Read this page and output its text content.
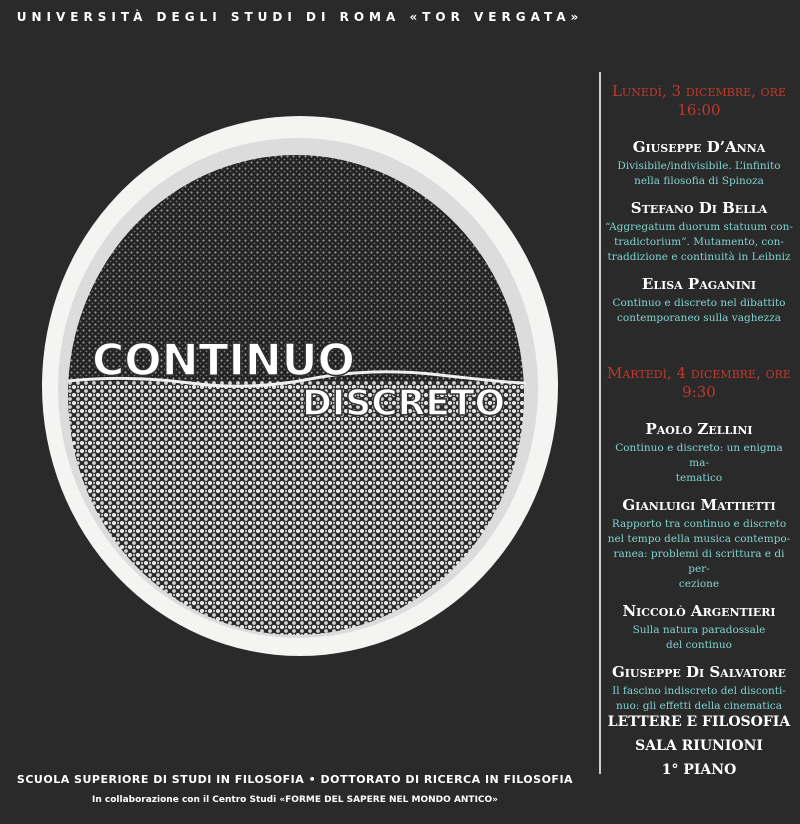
UNIVERSITÀ DEGLI STUDI DI ROMA «TOR VERGATA»
CONTINUO
DISCRETO

Lunedì, 3 dicembre, ore 16:00

Giuseppe D’Anna
Divisibile/indivisibile. L’infinito
nella filosofia di Spinoza
Stefano Di Bella
“Aggregatum duorum statuum con-
tradictorium”. Mutamento, con-
traddizione e continuità in Leibniz
Elisa Paganini
Continuo e discreto nel dibattito
contemporaneo sulla vaghezza

Martedì, 4 dicembre, ore 9:30

Paolo Zellini
Continuo e discreto: un enigma ma-
tematico
Gianluigi Mattietti
Rapporto tra continuo e discreto
nel tempo della musica contempo-
ranea: problemi di scrittura e di per-
cezione
Niccolò Argentieri
Sulla natura paradossale
del continuo
Giuseppe Di Salvatore
Il fascino indiscreto del disconti-
nuo: gli effetti della cinematica
LETTERE E FILOSOFIA
SALA RIUNIONI
1° PIANO
SCUOLA SUPERIORE DI STUDI IN FILOSOFIA • DOTTORATO DI RICERCA IN FILOSOFIA
In collaborazione con il Centro Studi «FORME DEL SAPERE NEL MONDO ANTICO»
